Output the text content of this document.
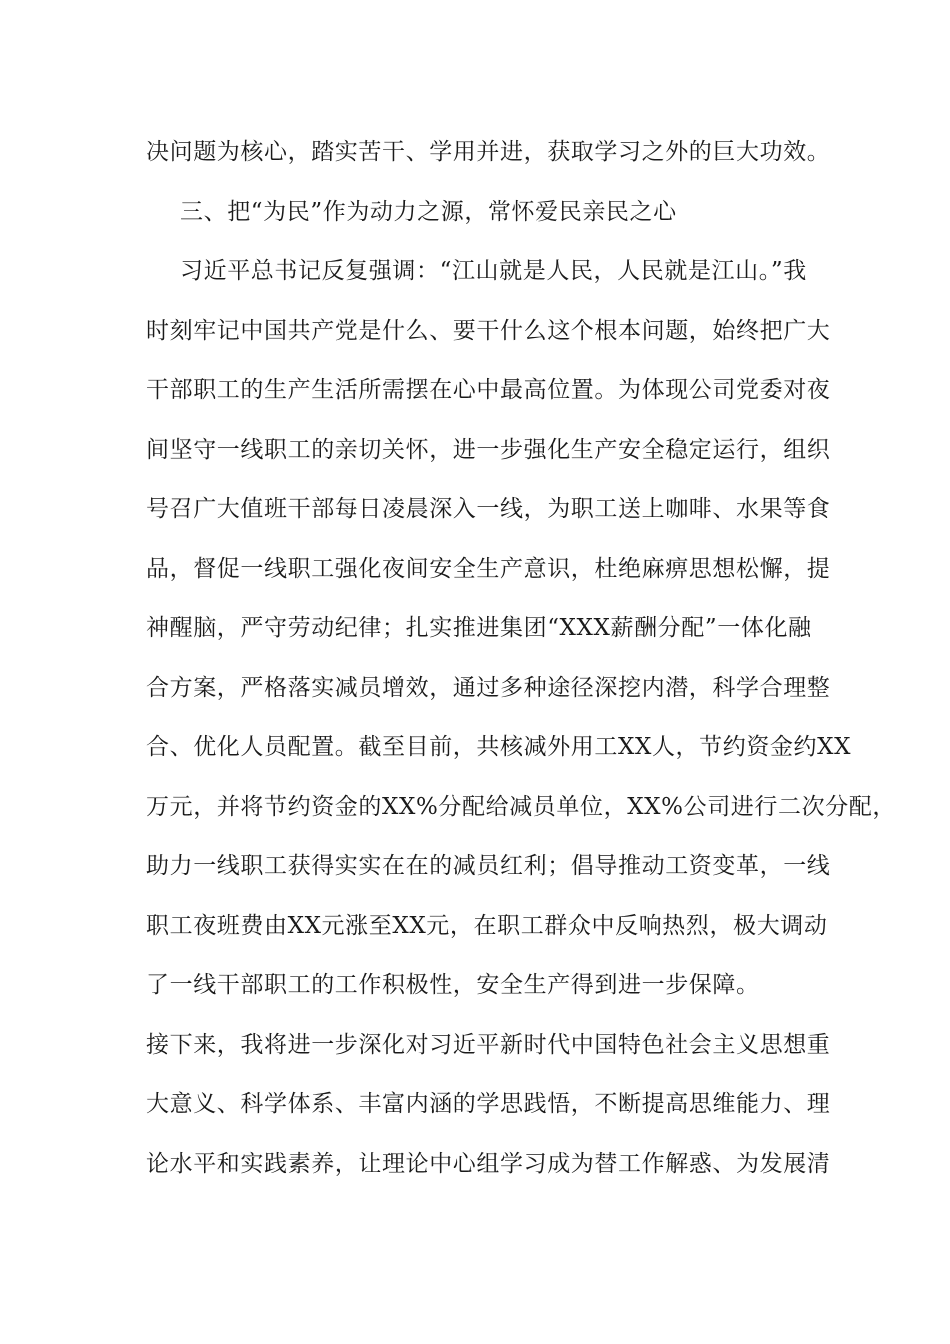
决问题为核心，踏实苦干、学用并进，获取学习之外的巨大功效。

三、把“为民”作为动力之源，常怀爱民亲民之心

习近平总书记反复强调：“江山就是人民，人民就是江山。”我

时刻牢记中国共产党是什么、要干什么这个根本问题，始终把广大

干部职工的生产生活所需摆在心中最高位置。为体现公司党委对夜

间坚守一线职工的亲切关怀，进一步强化生产安全稳定运行，组织

号召广大值班干部每日凌晨深入一线，为职工送上咖啡、水果等食

品，督促一线职工强化夜间安全生产意识，杜绝麻痹思想松懈，提

神醒脑，严守劳动纪律；扎实推进集团“XXX薪酬分配”一体化融

合方案，严格落实减员增效，通过多种途径深挖内潜，科学合理整

合、优化人员配置。截至目前，共核减外用工XX人，节约资金约XX

万元，并将节约资金的XX%分配给减员单位，XX%公司进行二次分配，

助力一线职工获得实实在在的减员红利；倡导推动工资变革，一线

职工夜班费由XX元涨至XX元，在职工群众中反响热烈，极大调动

了一线干部职工的工作积极性，安全生产得到进一步保障。

接下来，我将进一步深化对习近平新时代中国特色社会主义思想重

大意义、科学体系、丰富内涵的学思践悟，不断提高思维能力、理

论水平和实践素养，让理论中心组学习成为替工作解惑、为发展清
